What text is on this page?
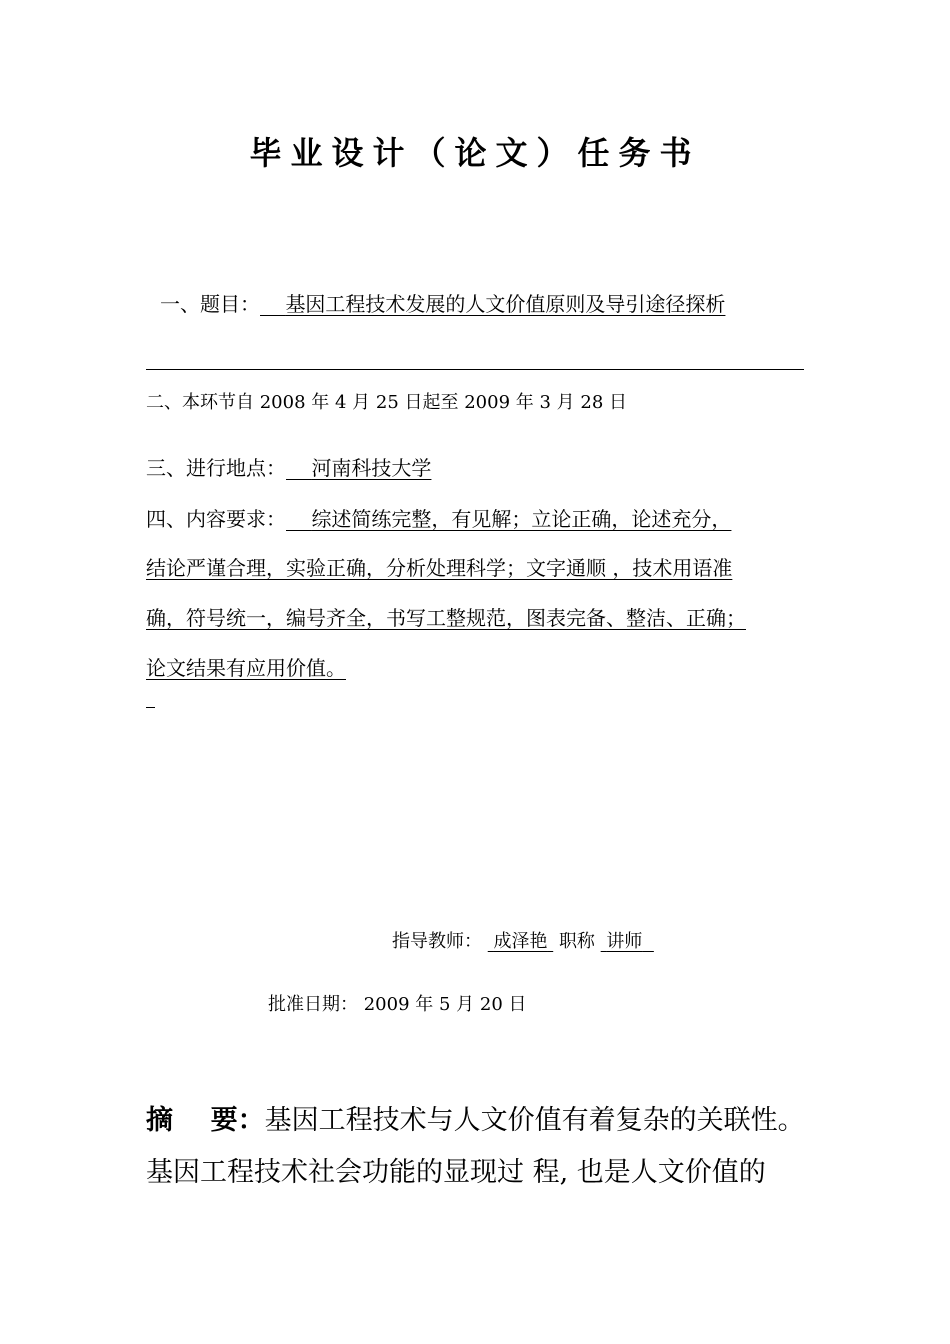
毕业设计（论文）任务书
一、题目： 基因工程技术发展的人文价值原则及导引途径探析
二、本环节自 2008 年 4 月 25 日起至 2009 年 3 月 28 日
三、进行地点： 河南科技大学
四、内容要求： 综述简练完整，有见解；立论正确，论述充分，
结论严谨合理，实验正确，分析处理科学；文字通顺 ，技术用语准
确，符号统一，编号齐全，书写工整规范，图表完备、整洁、正确；
论文结果有应用价值。
指导教师： 成泽艳 职称 讲师
批准日期： 2009 年 5 月 20 日
摘    要：基因工程技术与人文价值有着复杂的关联性。
基因工程技术社会功能的显现过 程, 也是人文价值的
